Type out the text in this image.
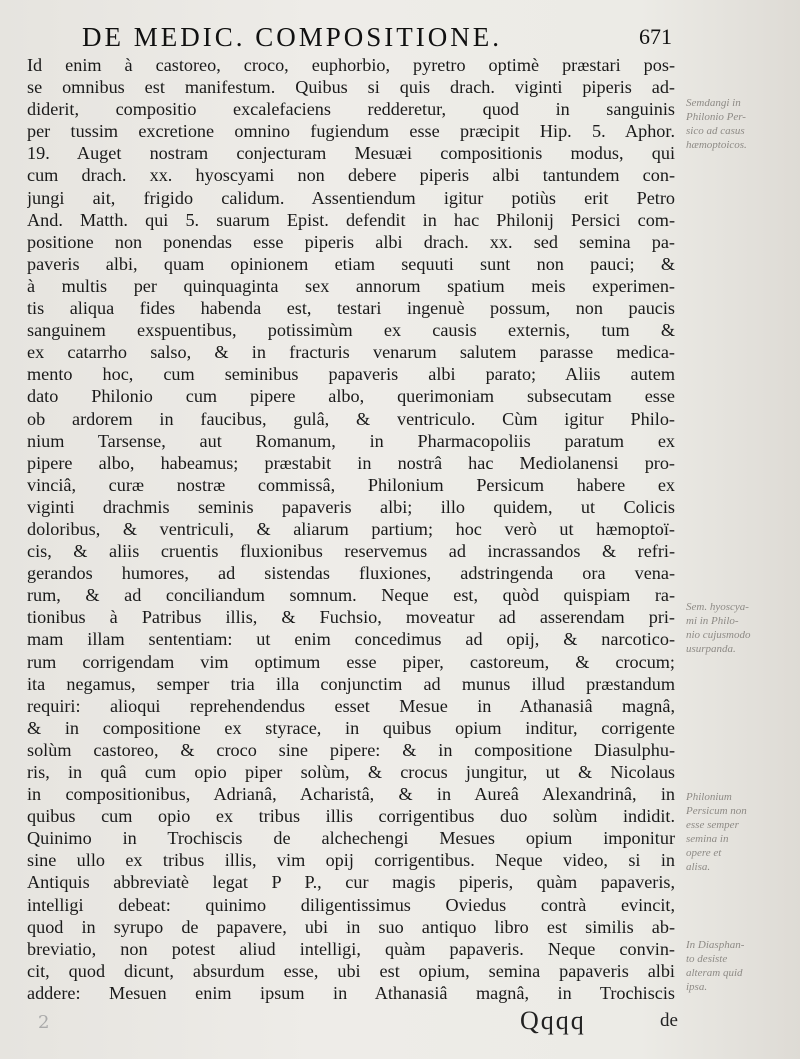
DE MEDIC. COMPOSITIONE.	671
Id enim à castoreo, croco, euphorbio, pyretro optimè præstari pos-
se omnibus est manifestum. Quibus si quis drach. viginti piperis ad-
diderit, compositio excalefaciens redderetur, quod in sanguinis
per tussim excretione omnino fugiendum esse præcipit Hip. 5. Aphor.
19. Auget nostram conjecturam Mesuæi compositionis modus, qui
cum drach. xx. hyoscyami non debere piperis albi tantundem con-
jungi ait, frigido calidum. Assentiendum igitur potiùs erit Petro
And. Matth. qui 5. suarum Epist. defendit in hac Philonij Persici com-
positione non ponendas esse piperis albi drach. xx. sed semina pa-
paveris albi, quam opinionem etiam sequuti sunt non pauci; &
à multis per quinquaginta sex annorum spatium meis experimen-
tis aliqua fides habenda est, testari ingenuè possum, non paucis
sanguinem exspuentibus, potissimùm ex causis externis, tum &
ex catarrho salso, & in fracturis venarum salutem parasse medica-
mento hoc, cum seminibus papaveris albi parato; Aliis autem
dato Philonio cum pipere albo, querimoniam subsecutam esse
ob ardorem in faucibus, gulâ, & ventriculo. Cùm igitur Philo-
nium Tarsense, aut Romanum, in Pharmacopoliis paratum ex
pipere albo, habeamus; præstabit in nostrâ hac Mediolanensi pro-
vinciâ, curæ nostræ commissâ, Philonium Persicum habere ex
viginti drachmis seminis papaveris albi; illo quidem, ut Colicis
doloribus, & ventriculi, & aliarum partium; hoc verò ut hæmoptoï-
cis, & aliis cruentis fluxionibus reservemus ad incrassandos & refri-
gerandos humores, ad sistendas fluxiones, adstringenda ora vena-
rum, & ad conciliandum somnum. Neque est, quòd quispiam ra-
tionibus à Patribus illis, & Fuchsio, moveatur ad asserendam pri-
mam illam sententiam: ut enim concedimus ad opij, & narcotico-
rum corrigendam vim optimum esse piper, castoreum, & crocum;
ita negamus, semper tria illa conjunctim ad munus illud præstandum
requiri: alioqui reprehendendus esset Mesue in Athanasiâ magnâ,
& in compositione ex styrace, in quibus opium inditur, corrigente
solùm castoreo, & croco sine pipere: & in compositione Diasulphu-
ris, in quâ cum opio piper solùm, & crocus jungitur, ut & Nicolaus
in compositionibus, Adrianâ, Acharistâ, & in Aureâ Alexandrinâ, in
quibus cum opio ex tribus illis corrigentibus duo solùm indidit.
Quinimo in Trochiscis de alchechengi Mesues opium imponitur
sine ullo ex tribus illis, vim opij corrigentibus. Neque video, si in
Antiquis abbreviatè legat P P., cur magis piperis, quàm papaveris,
intelligi debeat: quinimo diligentissimus Oviedus contrà evincit,
quod in syrupo de papavere, ubi in suo antiquo libro est similis ab-
breviatio, non potest aliud intelligi, quàm papaveris. Neque convin-
cit, quod dicunt, absurdum esse, ubi est opium, semina papaveris albi
addere: Mesuen enim ipsum in Athanasiâ magnâ, in Trochiscis
Semdangi in
Philonio Per-
sico ad casus
hæmoptoicos.
Sem. hyoscya-
mi in Philo-
nio cujusmodo
usurpanda.
Philonium
Persicum non
esse semper
semina in
opere et
alisa.
In Diasphan-
to desiste
alteram quid
ipsa.
2	Qqqq	de
